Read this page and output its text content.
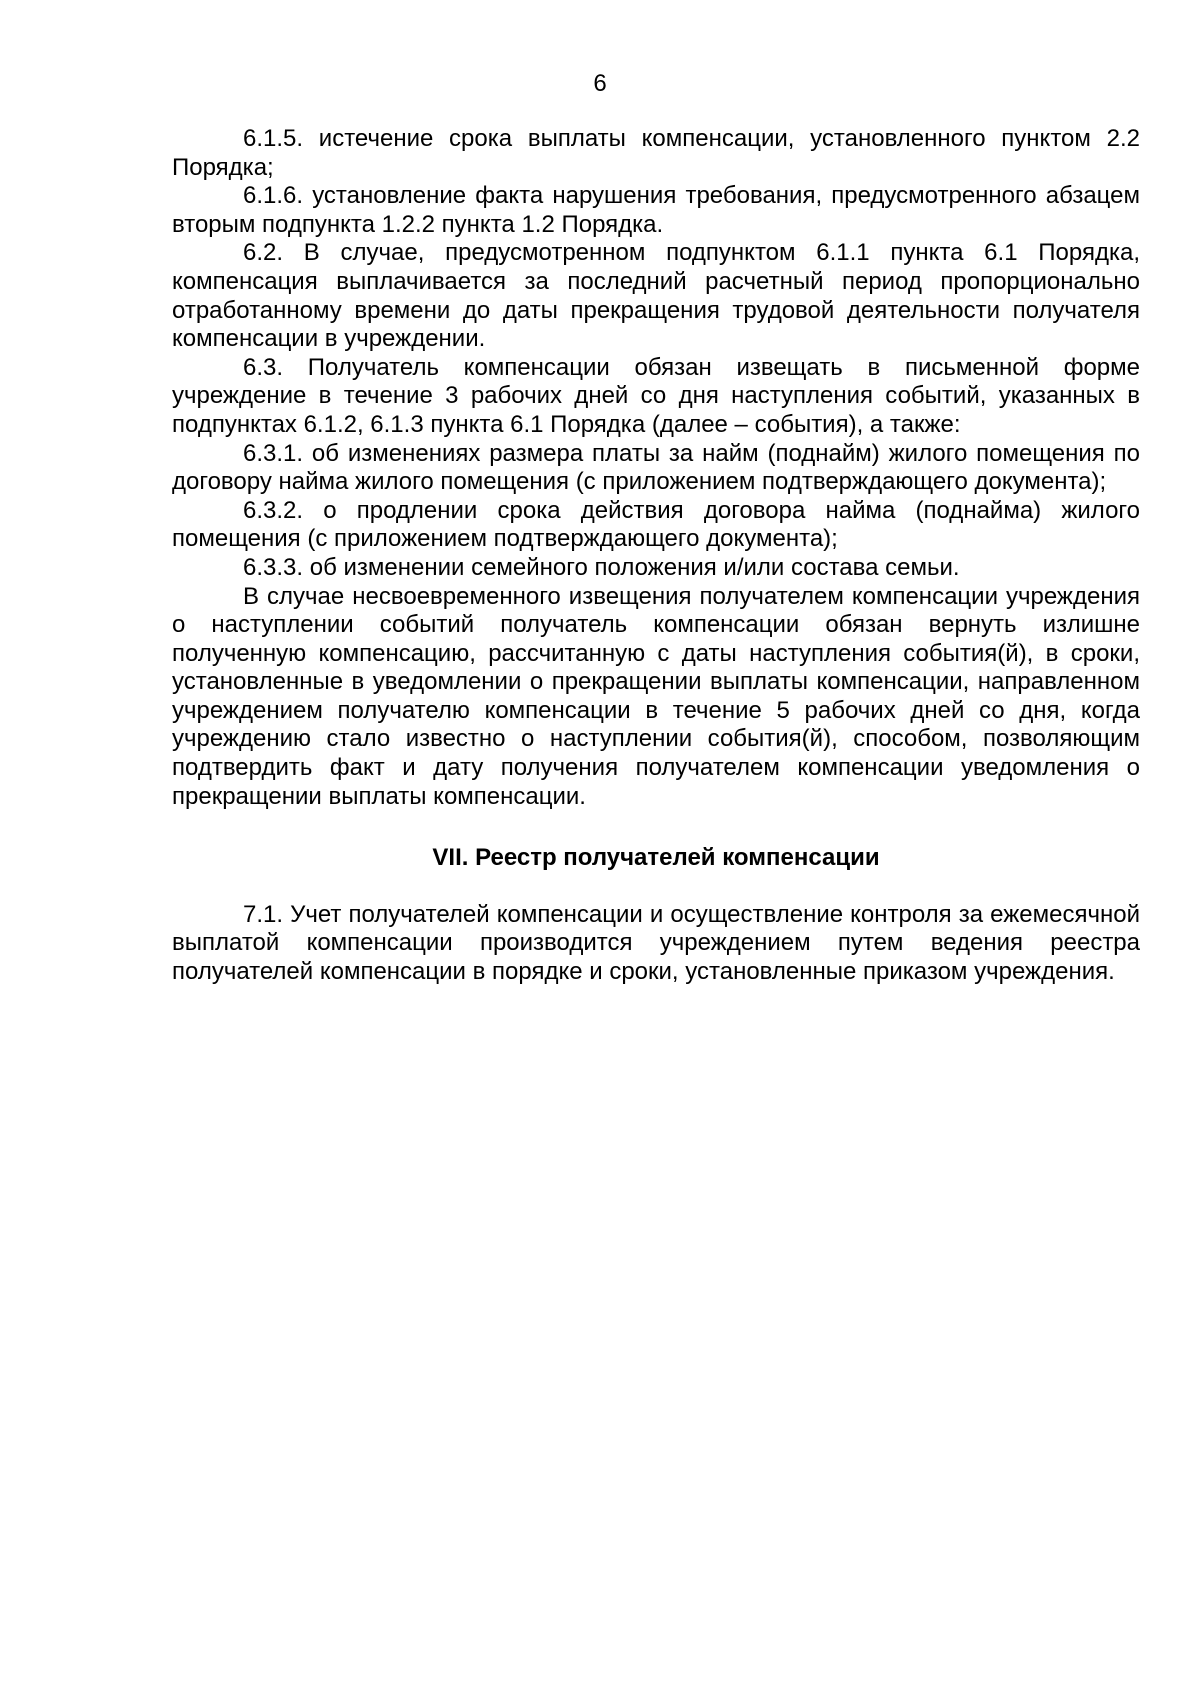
6

6.1.5. истечение срока выплаты компенсации, установленного пунктом 2.2 Порядка;

6.1.6. установление факта нарушения требования, предусмотренного абзацем вторым подпункта 1.2.2 пункта 1.2 Порядка.

6.2. В случае, предусмотренном подпунктом 6.1.1 пункта 6.1 Порядка, компенсация выплачивается за последний расчетный период пропорционально отработанному времени до даты прекращения трудовой деятельности получателя компенсации в учреждении.

6.3. Получатель компенсации обязан извещать в письменной форме учреждение в течение 3 рабочих дней со дня наступления событий, указанных в подпунктах 6.1.2, 6.1.3 пункта 6.1 Порядка (далее – события), а также:

6.3.1. об изменениях размера платы за найм (поднайм) жилого помещения по договору найма жилого помещения (с приложением подтверждающего документа);

6.3.2. о продлении срока действия договора найма (поднайма) жилого помещения (с приложением подтверждающего документа);

6.3.3. об изменении семейного положения и/или состава семьи.

В случае несвоевременного извещения получателем компенсации учреждения о наступлении событий получатель компенсации обязан вернуть излишне полученную компенсацию, рассчитанную с даты наступления события(й), в сроки, установленные в уведомлении о прекращении выплаты компенсации, направленном учреждением получателю компенсации в течение 5 рабочих дней со дня, когда учреждению стало известно о наступлении события(й), способом, позволяющим подтвердить факт и дату получения получателем компенсации уведомления о прекращении выплаты компенсации.

VII. Реестр получателей компенсации

7.1. Учет получателей компенсации и осуществление контроля за ежемесячной выплатой компенсации производится учреждением путем ведения реестра получателей компенсации в порядке и сроки, установленные приказом учреждения.
